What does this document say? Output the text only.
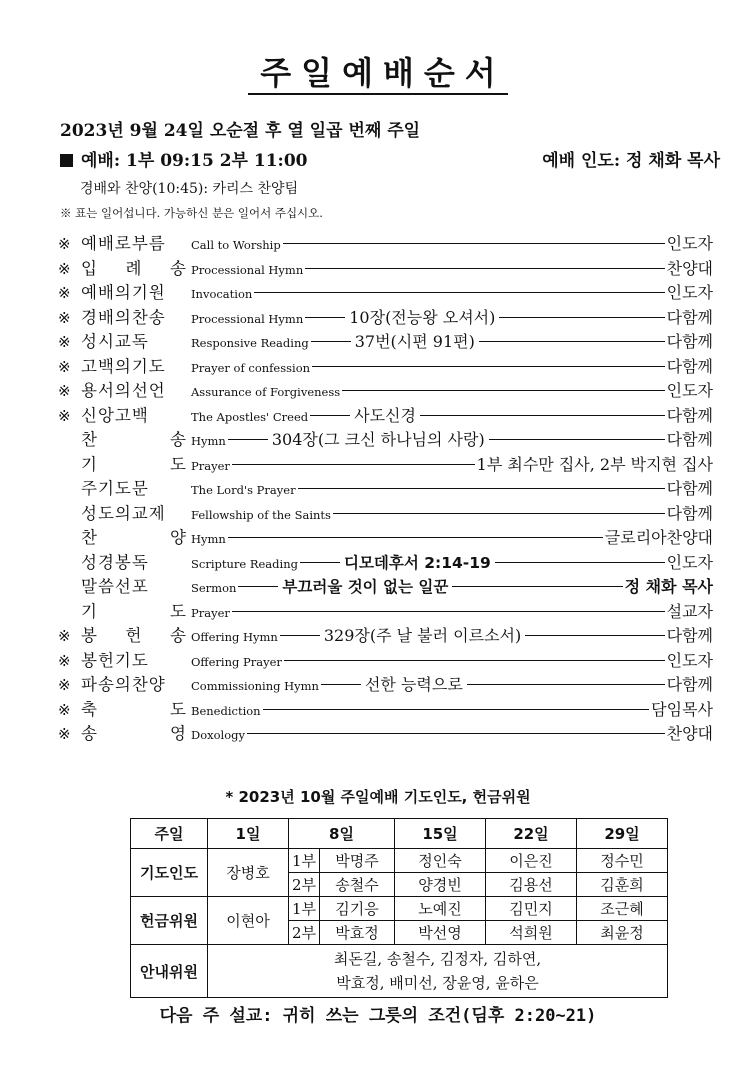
주일예배순서
2023년 9월 24일 오순절 후 열 일곱 번째 주일
예배: 1부 09:15 2부 11:00	예배 인도: 정 채화 목사
경배와 찬양(10:45): 카리스 찬양팀
※ 표는 일어섭니다. 가능하신 분은 일어서 주십시오.
※ 예배로부름	Call to Worship	인도자
※ 입 례 송 Processional Hymn	찬양대
※ 예배의기원	Invocation	인도자
※ 경배의찬송	Processional Hymn	10장(전능왕 오셔서)	다함께
※ 성시교독	Responsive Reading	37번(시편 91편)	다함께
※ 고백의기도	Prayer of confession	다함께
※ 용서의선언	Assurance of Forgiveness	인도자
※ 신앙고백	The Apostles' Creed	사도신경	다함께
찬 송 Hymn	304장(그 크신 하나님의 사랑)	다함께
기 도 Prayer	1부 최수만 집사, 2부 박지현 집사
주기도문	The Lord's Prayer	다함께
성도의교제	Fellowship of the Saints	다함께
찬 양 Hymn	글로리아찬양대
성경봉독	Scripture Reading	디모데후서 2:14-19	인도자
말씀선포	Sermon	부끄러울 것이 없는 일꾼	정 채화 목사
기 도 Prayer	설교자
※ 봉 헌 송 Offering Hymn	329장(주 날 불러 이르소서)	다함께
※ 봉헌기도	Offering Prayer	인도자
※ 파송의찬양	Commissioning Hymn	선한 능력으로	다함께
※ 축 도 Benediction	담임목사
※ 송 영 Doxology	찬양대
* 2023년 10월 주일예배 기도인도, 헌금위원
주일	1일	8일		15일	22일	29일
기도인도	장병호	1부	박명주	정인숙	이은진	정수민
		2부	송철수	양경빈	김용선	김훈희
헌금위원	이현아	1부	김기응	노예진	김민지	조근혜
		2부	박효정	박선영	석희원	최윤정
안내위원	최돈길, 송철수, 김정자, 김하연,
박효정, 배미선, 장윤영, 윤하은					
다음 주 설교: 귀히 쓰는 그릇의 조건(딤후 2:20~21)
